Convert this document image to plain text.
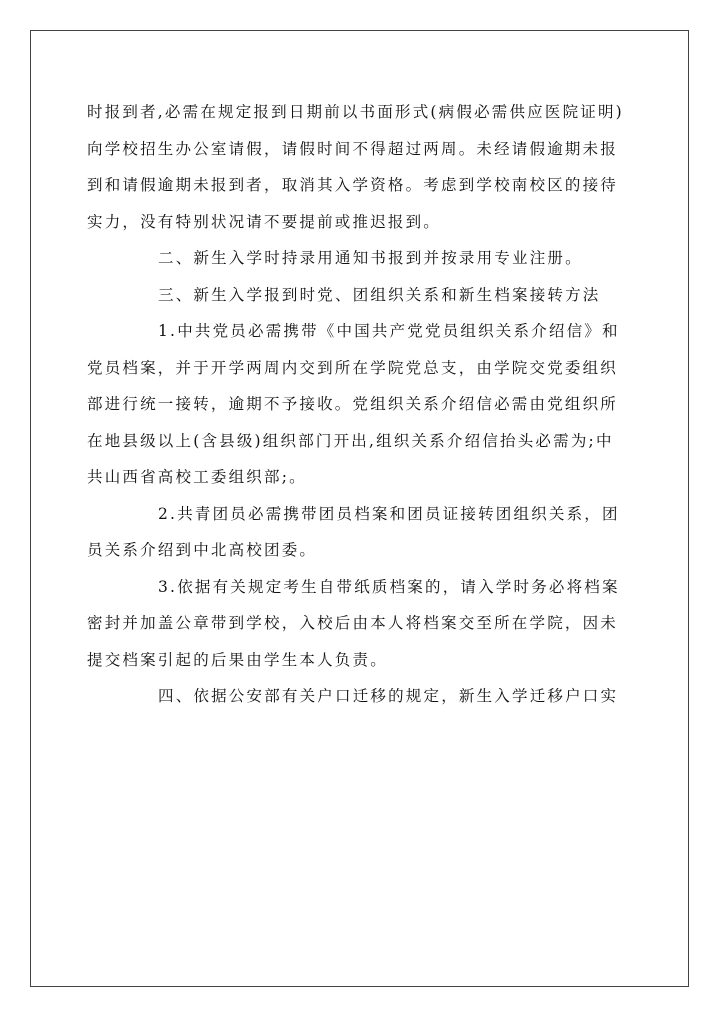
时报到者,必需在规定报到日期前以书面形式(病假必需供应医院证明)
向学校招生办公室请假，请假时间不得超过两周。未经请假逾期未报
到和请假逾期未报到者，取消其入学资格。考虑到学校南校区的接待
实力，没有特别状况请不要提前或推迟报到。
二、新生入学时持录用通知书报到并按录用专业注册。
三、新生入学报到时党、团组织关系和新生档案接转方法
1.中共党员必需携带《中国共产党党员组织关系介绍信》和
党员档案，并于开学两周内交到所在学院党总支，由学院交党委组织
部进行统一接转，逾期不予接收。党组织关系介绍信必需由党组织所
在地县级以上(含县级)组织部门开出,组织关系介绍信抬头必需为;中
共山西省高校工委组织部;。
2.共青团员必需携带团员档案和团员证接转团组织关系，团
员关系介绍到中北高校团委。
3.依据有关规定考生自带纸质档案的，请入学时务必将档案
密封并加盖公章带到学校，入校后由本人将档案交至所在学院，因未
提交档案引起的后果由学生本人负责。
四、依据公安部有关户口迁移的规定，新生入学迁移户口实
